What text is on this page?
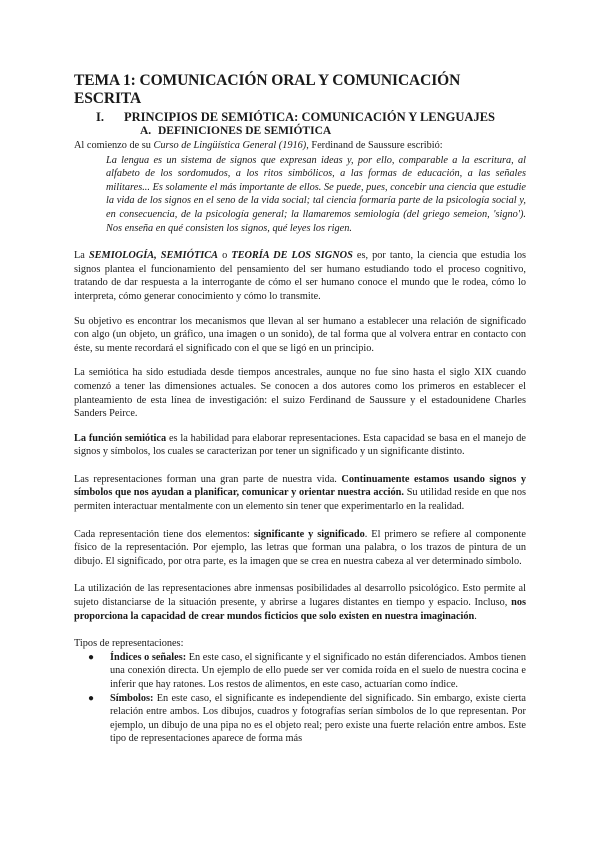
TEMA 1: COMUNICACIÓN ORAL Y COMUNICACIÓN ESCRITA
I. PRINCIPIOS DE SEMIÓTICA: COMUNICACIÓN Y LENGUAJES
A. DEFINICIONES DE SEMIÓTICA

Al comienzo de su Curso de Lingüística General (1916), Ferdinand de Saussure escribió:

La lengua es un sistema de signos que expresan ideas y, por ello, comparable a la escritura, al alfabeto de los sordomudos, a los ritos simbólicos, a las formas de educación, a las señales militares... Es solamente el más importante de ellos. Se puede, pues, concebir una ciencia que estudie la vida de los signos en el seno de la vida social; tal ciencia formaría parte de la psicología social y, en consecuencia, de la psicología general; la llamaremos semiología (del griego semeion, 'signo'). Nos enseña en qué consisten los signos, qué leyes los rigen.

La SEMIOLOGÍA, SEMIÓTICA o TEORÍA DE LOS SIGNOS es, por tanto, la ciencia que estudia los signos plantea el funcionamiento del pensamiento del ser humano estudiando todo el proceso cognitivo, tratando de dar respuesta a la interrogante de cómo el ser humano conoce el mundo que le rodea, cómo lo interpreta, cómo generar conocimiento y cómo lo transmite.

Su objetivo es encontrar los mecanismos que llevan al ser humano a establecer una relación de significado con algo (un objeto, un gráfico, una imagen o un sonido), de tal forma que al volvera entrar en contacto con éste, su mente recordará el significado con el que se ligó en un principio.

La semiótica ha sido estudiada desde tiempos ancestrales, aunque no fue sino hasta el siglo XIX cuando comenzó a tener las dimensiones actuales. Se conocen a dos autores como los primeros en establecer el planteamiento de esta línea de investigación: el suizo Ferdinand de Saussure y el estadounidene Charles Sanders Peirce.

La función semiótica es la habilidad para elaborar representaciones. Esta capacidad se basa en el manejo de signos y símbolos, los cuales se caracterizan por tener un significado y un significante distinto.

Las representaciones forman una gran parte de nuestra vida. Continuamente estamos usando signos y símbolos que nos ayudan a planificar, comunicar y orientar nuestra acción. Su utilidad reside en que nos permiten interactuar mentalmente con un elemento sin tener que experimentarlo en la realidad.

Cada representación tiene dos elementos: significante y significado. El primero se refiere al componente físico de la representación. Por ejemplo, las letras que forman una palabra, o los trazos de pintura de un dibujo. El significado, por otra parte, es la imagen que se crea en nuestra cabeza al ver determinado símbolo.

La utilización de las representaciones abre inmensas posibilidades al desarrollo psicológico. Esto permite al sujeto distanciarse de la situación presente, y abrirse a lugares distantes en tiempo y espacio. Incluso, nos proporciona la capacidad de crear mundos ficticios que solo existen en nuestra imaginación.

Tipos de representaciones:

● Índices o señales: En este caso, el significante y el significado no están diferenciados. Ambos tienen una conexión directa. Un ejemplo de ello puede ser ver comida roída en el suelo de nuestra cocina e inferir que hay ratones. Los restos de alimentos, en este caso, actuarían como índice.
● Símbolos: En este caso, el significante es independiente del significado. Sin embargo, existe cierta relación entre ambos. Los dibujos, cuadros y fotografías serían símbolos de lo que representan. Por ejemplo, un dibujo de una pipa no es el objeto real; pero existe una fuerte relación entre ambos. Este tipo de representaciones aparece de forma más
